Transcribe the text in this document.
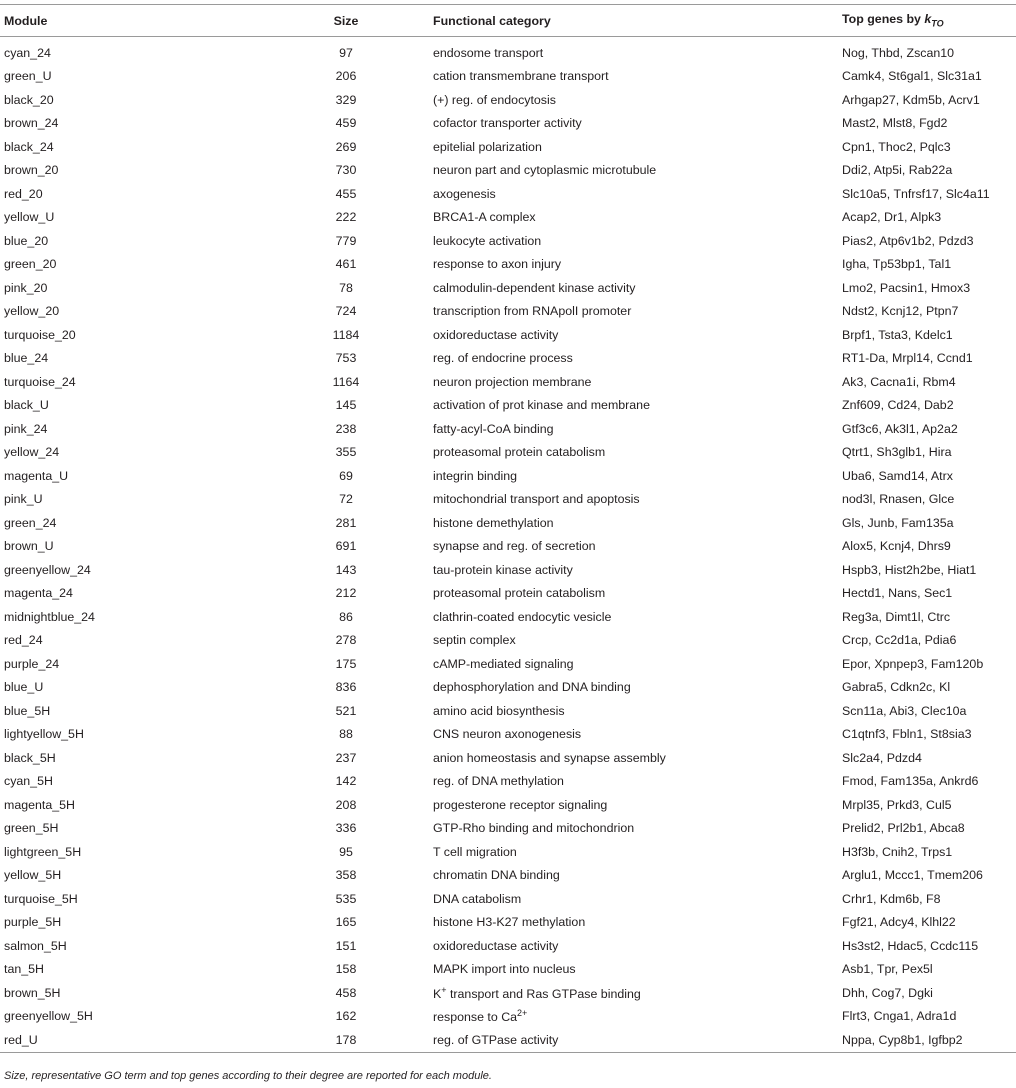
Module	Size	Functional category	Top genes by $k_{TO}$
cyan_24	97	endosome transport	Nog, Thbd, Zscan10
green_U	206	cation transmembrane transport	Camk4, St6gal1, Slc31a1
black_20	329	(+) reg. of endocytosis	Arhgap27, Kdm5b, Acrv1
brown_24	459	cofactor transporter activity	Mast2, Mlst8, Fgd2
black_24	269	epitelial polarization	Cpn1, Thoc2, Pqlc3
brown_20	730	neuron part and cytoplasmic microtubule	Ddi2, Atp5i, Rab22a
red_20	455	axogenesis	Slc10a5, Tnfrsf17, Slc4a11
yellow_U	222	BRCA1-A complex	Acap2, Dr1, Alpk3
blue_20	779	leukocyte activation	Pias2, Atp6v1b2, Pdzd3
green_20	461	response to axon injury	Igha, Tp53bp1, Tal1
pink_20	78	calmodulin-dependent kinase activity	Lmo2, Pacsin1, Hmox3
yellow_20	724	transcription from RNApolI promoter	Ndst2, Kcnj12, Ptpn7
turquoise_20	1184	oxidoreductase activity	Brpf1, Tsta3, Kdelc1
blue_24	753	reg. of endocrine process	RT1-Da, Mrpl14, Ccnd1
turquoise_24	1164	neuron projection membrane	Ak3, Cacna1i, Rbm4
black_U	145	activation of prot kinase and membrane	Znf609, Cd24, Dab2
pink_24	238	fatty-acyl-CoA binding	Gtf3c6, Ak3l1, Ap2a2
yellow_24	355	proteasomal protein catabolism	Qtrt1, Sh3glb1, Hira
magenta_U	69	integrin binding	Uba6, Samd14, Atrx
pink_U	72	mitochondrial transport and apoptosis	nod3l, Rnasen, Glce
green_24	281	histone demethylation	Gls, Junb, Fam135a
brown_U	691	synapse and reg. of secretion	Alox5, Kcnj4, Dhrs9
greenyellow_24	143	tau-protein kinase activity	Hspb3, Hist2h2be, Hiat1
magenta_24	212	proteasomal protein catabolism	Hectd1, Nans, Sec1
midnightblue_24	86	clathrin-coated endocytic vesicle	Reg3a, Dimt1l, Ctrc
red_24	278	septin complex	Crcp, Cc2d1a, Pdia6
purple_24	175	cAMP-mediated signaling	Epor, Xpnpep3, Fam120b
blue_U	836	dephosphorylation and DNA binding	Gabra5, Cdkn2c, Kl
blue_5H	521	amino acid biosynthesis	Scn11a, Abi3, Clec10a
lightyellow_5H	88	CNS neuron axonogenesis	C1qtnf3, Fbln1, St8sia3
black_5H	237	anion homeostasis and synapse assembly	Slc2a4, Pdzd4
cyan_5H	142	reg. of DNA methylation	Fmod, Fam135a, Ankrd6
magenta_5H	208	progesterone receptor signaling	Mrpl35, Prkd3, Cul5
green_5H	336	GTP-Rho binding and mitochondrion	Prelid2, Prl2b1, Abca8
lightgreen_5H	95	T cell migration	H3f3b, Cnih2, Trps1
yellow_5H	358	chromatin DNA binding	Arglu1, Mccc1, Tmem206
turquoise_5H	535	DNA catabolism	Crhr1, Kdm6b, F8
purple_5H	165	histone H3-K27 methylation	Fgf21, Adcy4, Klhl22
salmon_5H	151	oxidoreductase activity	Hs3st2, Hdac5, Ccdc115
tan_5H	158	MAPK import into nucleus	Asb1, Tpr, Pex5l
brown_5H	458	K+ transport and Ras GTPase binding	Dhh, Cog7, Dgki
greenyellow_5H	162	response to $Ca^{2+}$	Flrt3, Cnga1, Adra1d
red_U	178	reg. of GTPase activity	Nppa, Cyp8b1, Igfbp2
Size, representative GO term and top genes according to their degree are reported for each module.
